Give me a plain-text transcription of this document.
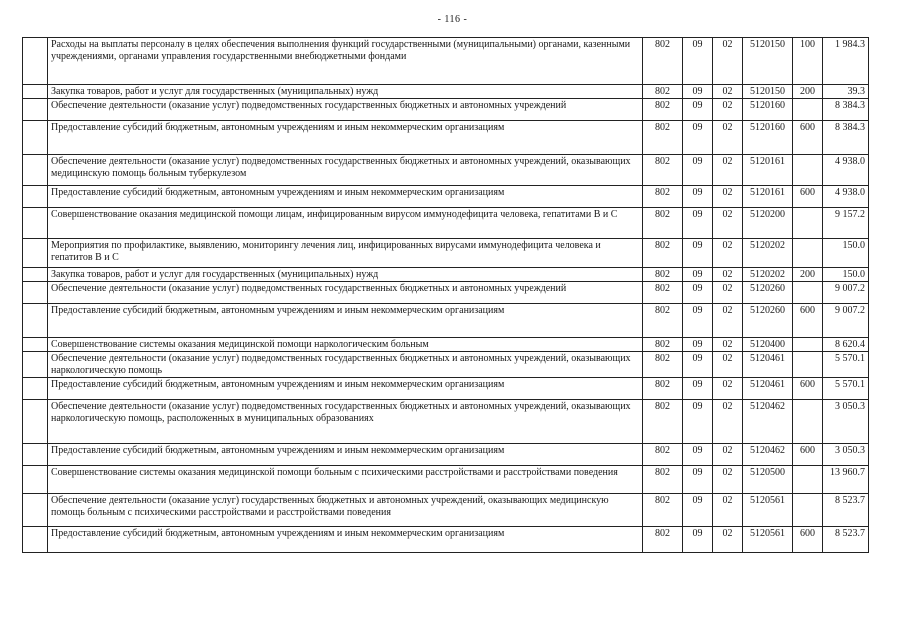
- 116 -
	Расходы на выплаты персоналу в целях обеспечения выполнения функций государственными (муниципальными) органами, казенными учреждениями, органами управления государственными внебюджетными фондами	802	09	02	5120150	100	1 984.3
	Закупка товаров, работ и услуг для государственных (муниципальных) нужд	802	09	02	5120150	200	39.3
	Обеспечение деятельности (оказание услуг) подведомственных государственных бюджетных и автономных учреждений	802	09	02	5120160		8 384.3
	Предоставление субсидий бюджетным, автономным учреждениям и иным некоммерческим организациям	802	09	02	5120160	600	8 384.3
	Обеспечение деятельности (оказание услуг) подведомственных государственных бюджетных и автономных учреждений, оказывающих медицинскую помощь больным туберкулезом	802	09	02	5120161		4 938.0
	Предоставление субсидий бюджетным, автономным учреждениям и иным некоммерческим организациям	802	09	02	5120161	600	4 938.0
	Совершенствование оказания медицинской помощи лицам, инфицированным вирусом иммунодефицита человека, гепатитами В и С	802	09	02	5120200		9 157.2
	Мероприятия по профилактике, выявлению, мониторингу лечения лиц, инфицированных вирусами иммунодефицита человека и гепатитов В и С	802	09	02	5120202		150.0
	Закупка товаров, работ и услуг для государственных (муниципальных) нужд	802	09	02	5120202	200	150.0
	Обеспечение деятельности (оказание услуг) подведомственных государственных бюджетных и автономных учреждений	802	09	02	5120260		9 007.2
	Предоставление субсидий бюджетным, автономным учреждениям и иным некоммерческим организациям	802	09	02	5120260	600	9 007.2
	Совершенствование системы оказания медицинской помощи наркологическим больным	802	09	02	5120400		8 620.4
	Обеспечение деятельности (оказание услуг) подведомственных государственных бюджетных и автономных учреждений, оказывающих наркологическую помощь	802	09	02	5120461		5 570.1
	Предоставление субсидий бюджетным, автономным учреждениям и иным некоммерческим организациям	802	09	02	5120461	600	5 570.1
	Обеспечение деятельности (оказание услуг) подведомственных государственных бюджетных и автономных учреждений, оказывающих наркологическую помощь, расположенных в муниципальных образованиях	802	09	02	5120462		3 050.3
	Предоставление субсидий бюджетным, автономным учреждениям и иным некоммерческим организациям	802	09	02	5120462	600	3 050.3
	Совершенствование системы оказания медицинской помощи больным с психическими расстройствами и расстройствами поведения	802	09	02	5120500		13 960.7
	Обеспечение деятельности (оказание услуг) государственных бюджетных и автономных учреждений, оказывающих медицинскую помощь больным с психическими расстройствами и расстройствами поведения	802	09	02	5120561		8 523.7
	Предоставление субсидий бюджетным, автономным учреждениям и иным некоммерческим организациям	802	09	02	5120561	600	8 523.7
